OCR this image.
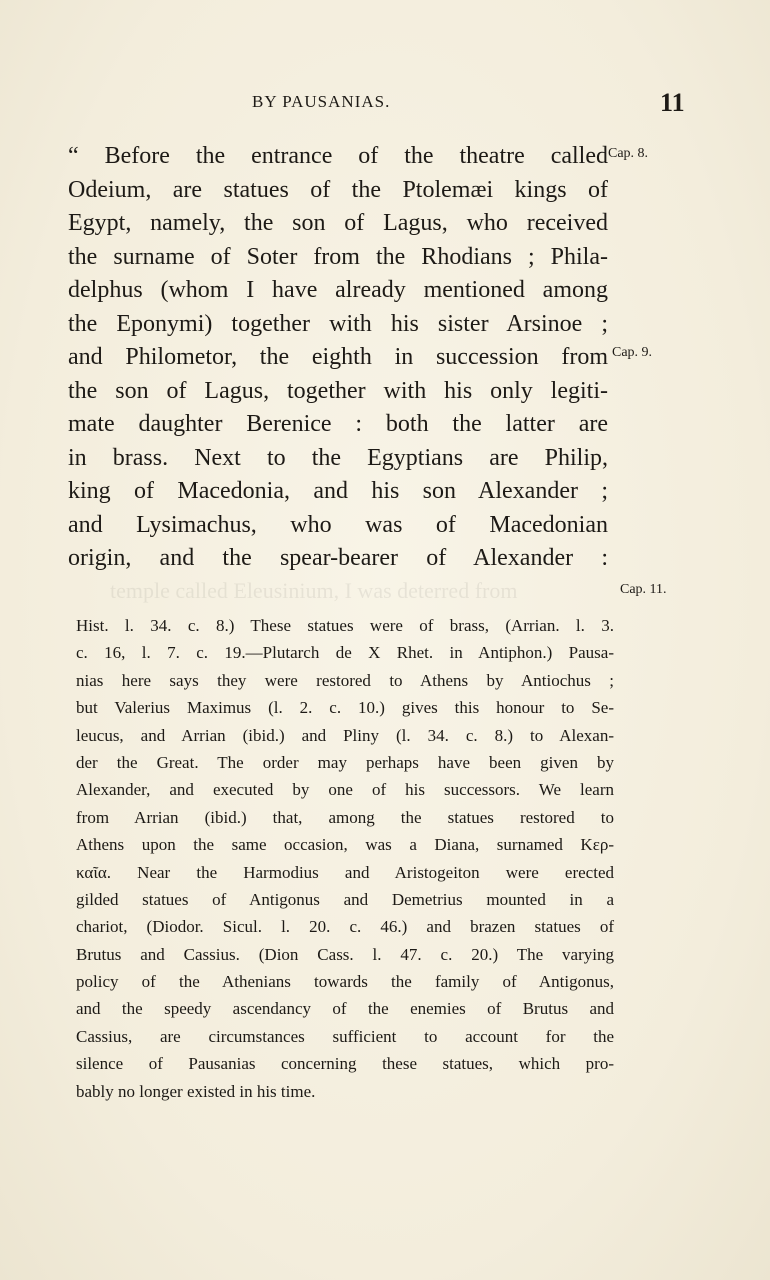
temple called Eleusinium, I was deterred from
BY PAUSANIAS.	11
“ Before the entrance of the theatre called
Odeium, are statues of the Ptolemæi kings of
Egypt, namely, the son of Lagus, who received
the surname of Soter from the Rhodians ; Phila-
delphus (whom I have already mentioned among
the Eponymi) together with his sister Arsinoe ;
and Philometor, the eighth in succession from
the son of Lagus, together with his only legiti-
mate daughter Berenice : both the latter are
in brass. Next to the Egyptians are Philip,
king of Macedonia, and his son Alexander ;
and Lysimachus, who was of Macedonian
origin, and the spear-bearer of Alexander :
Cap. 8.
Cap. 9.
Cap. 11.
Hist. l. 34. c. 8.) These statues were of brass, (Arrian. l. 3.
c. 16, l. 7. c. 19.—Plutarch de X Rhet. in Antiphon.) Pausa-
nias here says they were restored to Athens by Antiochus ;
but Valerius Maximus (l. 2. c. 10.) gives this honour to Se-
leucus, and Arrian (ibid.) and Pliny (l. 34. c. 8.) to Alexan-
der the Great. The order may perhaps have been given by
Alexander, and executed by one of his successors. We learn
from Arrian (ibid.) that, among the statues restored to
Athens upon the same occasion, was a Diana, surnamed Κερ-
καῖα. Near the Harmodius and Aristogeiton were erected
gilded statues of Antigonus and Demetrius mounted in a
chariot, (Diodor. Sicul. l. 20. c. 46.) and brazen statues of
Brutus and Cassius. (Dion Cass. l. 47. c. 20.) The varying
policy of the Athenians towards the family of Antigonus,
and the speedy ascendancy of the enemies of Brutus and
Cassius, are circumstances sufficient to account for the
silence of Pausanias concerning these statues, which pro-
bably no longer existed in his time.
